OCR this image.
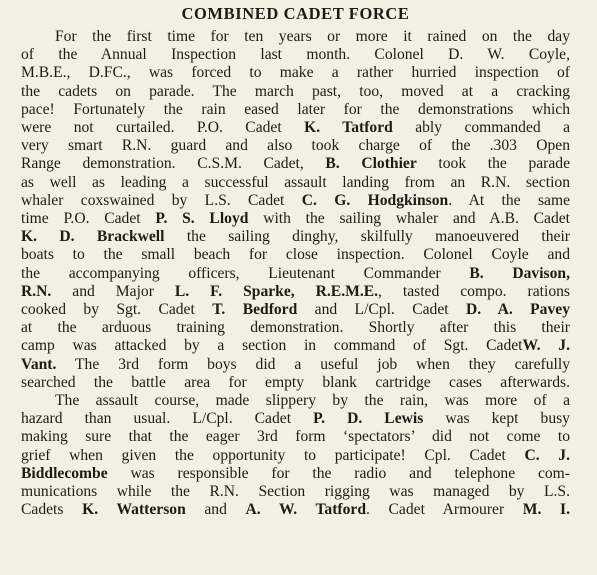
COMBINED CADET FORCE
For the first time for ten years or more it rained on the day
of the Annual Inspection last month. Colonel D. W. Coyle,
M.B.E., D.FC., was forced to make a rather hurried inspection of
the cadets on parade. The march past, too, moved at a cracking
pace! Fortunately the rain eased later for the demonstrations which
were not curtailed. P.O. Cadet K. Tatford ably commanded a
very smart R.N. guard and also took charge of the .303 Open
Range demonstration. C.S.M. Cadet, B. Clothier took the parade
as well as leading a successful assault landing from an R.N. section
whaler coxswained by L.S. Cadet C. G. Hodgkinson. At the same
time P.O. Cadet P. S. Lloyd with the sailing whaler and A.B. Cadet
K. D. Brackwell the sailing dinghy, skilfully manoeuvered their
boats to the small beach for close inspection. Colonel Coyle and
the accompanying officers, Lieutenant Commander B. Davison,
R.N. and Major L. F. Sparke, R.E.M.E., tasted compo. rations
cooked by Sgt. Cadet T. Bedford and L/Cpl. Cadet D. A. Pavey
at the arduous training demonstration. Shortly after this their
camp was attacked by a section in command of Sgt. CadetW. J.
Vant. The 3rd form boys did a useful job when they carefully
searched the battle area for empty blank cartridge cases afterwards.
The assault course, made slippery by the rain, was more of a
hazard than usual. L/Cpl. Cadet P. D. Lewis was kept busy
making sure that the eager 3rd form ‘spectators’ did not come to
grief when given the opportunity to participate! Cpl. Cadet C. J.
Biddlecombe was responsible for the radio and telephone com-
munications while the R.N. Section rigging was managed by L.S.
Cadets K. Watterson and A. W. Tatford. Cadet Armourer M. I.
